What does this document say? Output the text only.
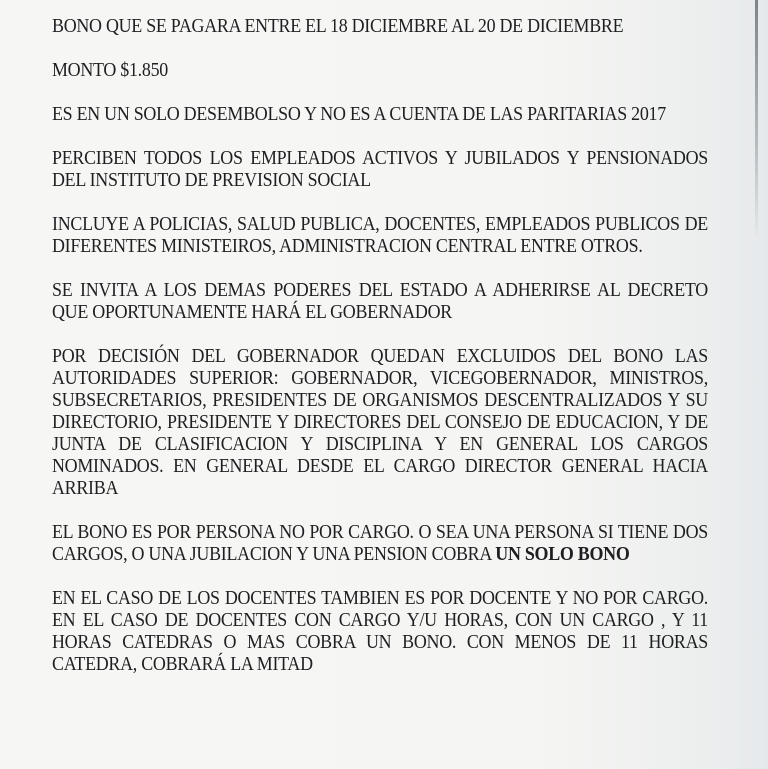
BONO QUE SE PAGARA ENTRE EL 18 DICIEMBRE AL 20 DE DICIEMBRE

MONTO $1.850

ES EN UN SOLO DESEMBOLSO Y NO ES A CUENTA DE LAS PARITARIAS 2017

PERCIBEN TODOS LOS EMPLEADOS ACTIVOS Y JUBILADOS Y PENSIONADOS DEL INSTITUTO DE PREVISION SOCIAL

INCLUYE A POLICIAS, SALUD PUBLICA, DOCENTES, EMPLEADOS PUBLICOS DE DIFERENTES MINISTEIROS, ADMINISTRACION CENTRAL ENTRE OTROS.

SE INVITA A LOS DEMAS PODERES DEL ESTADO A ADHERIRSE AL DECRETO QUE OPORTUNAMENTE HARÁ EL GOBERNADOR

POR DECISIÓN DEL GOBERNADOR QUEDAN EXCLUIDOS DEL BONO LAS AUTORIDADES SUPERIOR: GOBERNADOR, VICEGOBERNADOR, MINISTROS, SUBSECRETARIOS, PRESIDENTES DE ORGANISMOS DESCENTRALIZADOS Y SU DIRECTORIO, PRESIDENTE Y DIRECTORES DEL CONSEJO DE EDUCACION, Y DE JUNTA DE CLASIFICACION Y DISCIPLINA Y EN GENERAL LOS CARGOS NOMINADOS. EN GENERAL DESDE EL CARGO DIRECTOR GENERAL HACIA ARRIBA

EL BONO ES POR PERSONA NO POR CARGO. O SEA UNA PERSONA SI TIENE DOS CARGOS, O UNA JUBILACION Y UNA PENSION COBRA UN SOLO BONO

EN EL CASO DE LOS DOCENTES TAMBIEN ES POR DOCENTE Y NO POR CARGO. EN EL CASO DE DOCENTES CON CARGO Y/U HORAS, CON UN CARGO , Y 11 HORAS CATEDRAS O MAS COBRA UN BONO. CON MENOS DE 11 HORAS CATEDRA, COBRARÁ LA MITAD
